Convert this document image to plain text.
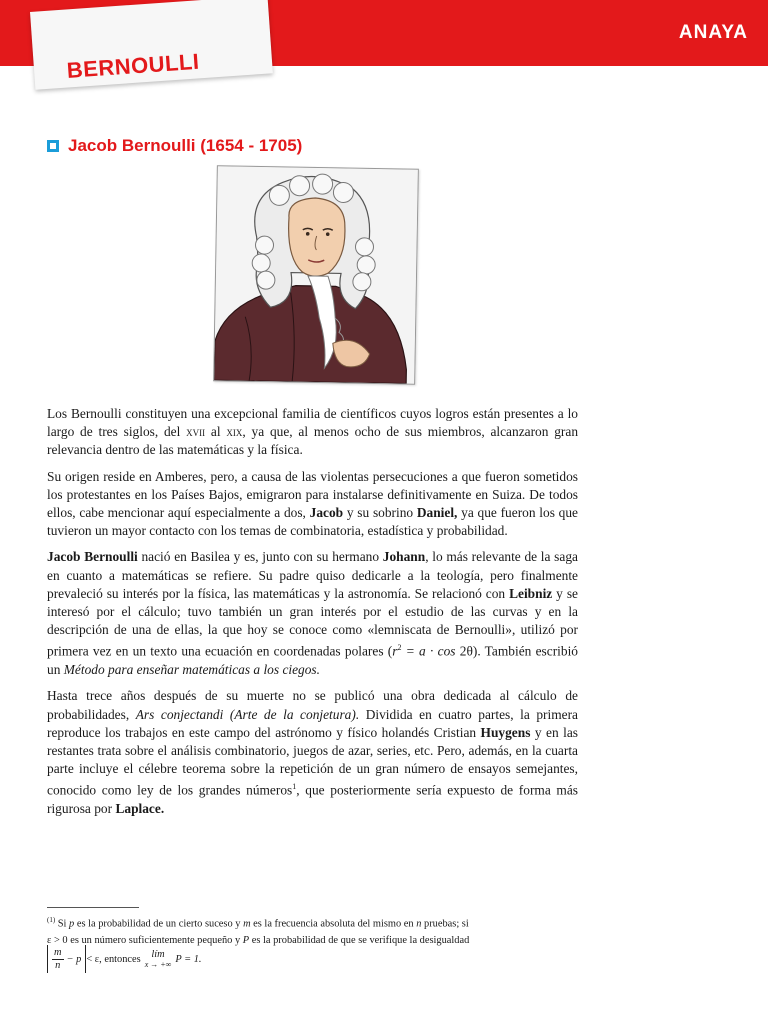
ANAYA
BERNOULLI
Jacob Bernoulli (1654 - 1705)

Los Bernoulli constituyen una excepcional familia de científicos cuyos logros están presentes a lo largo de tres siglos, del xvii al xix, ya que, al menos ocho de sus miembros, alcanzaron gran relevancia dentro de las matemáticas y la física.

Su origen reside en Amberes, pero, a causa de las violentas persecuciones a que fueron sometidos los protestantes en los Países Bajos, emigraron para instalarse definitivamente en Suiza. De todos ellos, cabe mencionar aquí especialmente a dos, Jacob y su sobrino Daniel, ya que fueron los que tuvieron un mayor contacto con los temas de combinatoria, estadística y probabilidad.

Jacob Bernoulli nació en Basilea y es, junto con su hermano Johann, lo más relevante de la saga en cuanto a matemáticas se refiere. Su padre quiso dedicarle a la teología, pero finalmente prevaleció su interés por la física, las matemáticas y la astronomía. Se relacionó con Leibniz y se interesó por el cálculo; tuvo también un gran interés por el estudio de las curvas y en la descripción de una de ellas, la que hoy se conoce como «lemniscata de Bernoulli», utilizó por primera vez en un texto una ecuación en coordenadas polares $(r^2 = a \cdot \cos 2\theta)$. También escribió un Método para enseñar matemáticas a los ciegos.

Hasta trece años después de su muerte no se publicó una obra dedicada al cálculo de probabilidades, Ars conjectandi (Arte de la conjetura). Dividida en cuatro partes, la primera reproduce los trabajos en este campo del astrónomo y físico holandés Cristian Huygens y en las restantes trata sobre el análisis combinatorio, juegos de azar, series, etc. Pero, además, en la cuarta parte incluye el célebre teorema sobre la repetición de un gran número de ensayos semejantes, conocido como ley de los grandes números$^1$, que posteriormente sería expuesto de forma más rigurosa por Laplace.

$^{(1)}$ Si p es la probabilidad de un cierto suceso y m es la frecuencia absoluta del mismo en n pruebas; si
ε > 0 es un número suficientemente pequeño y P es la probabilidad de que se verifique la desigualdad
$\frac{m}{n} - p < \varepsilon$, entonces lím
x → +∞ P = 1.
